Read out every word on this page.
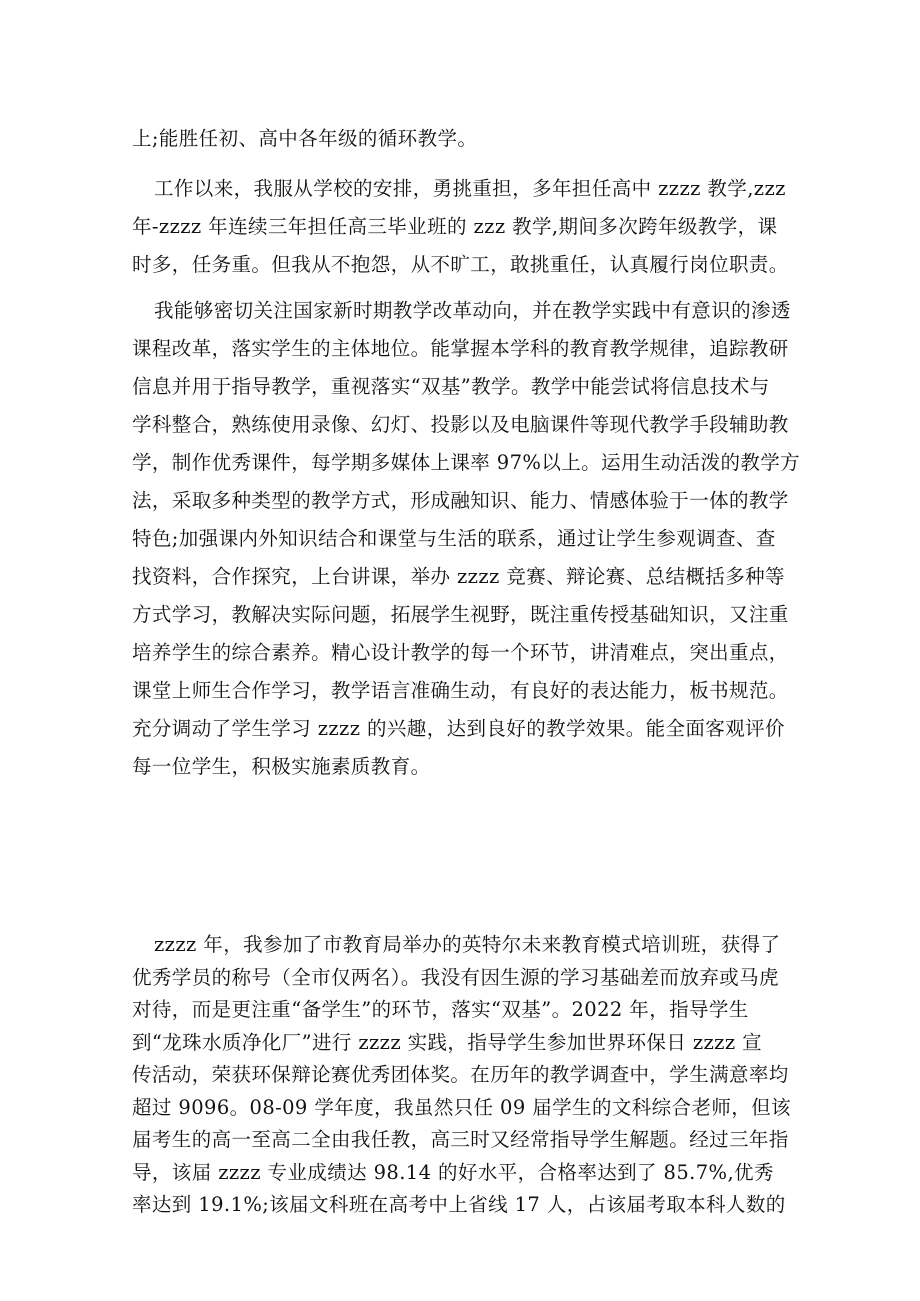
上;能胜任初、高中各年级的循环教学。
工作以来，我服从学校的安排，勇挑重担，多年担任高中 zzzz 教学,zzz
年-zzzz 年连续三年担任高三毕业班的 zzz 教学,期间多次跨年级教学，课
时多，任务重。但我从不抱怨，从不旷工，敢挑重任，认真履行岗位职责。
我能够密切关注国家新时期教学改革动向，并在教学实践中有意识的渗透
课程改革，落实学生的主体地位。能掌握本学科的教育教学规律，追踪教研
信息并用于指导教学，重视落实“双基”教学。教学中能尝试将信息技术与
学科整合，熟练使用录像、幻灯、投影以及电脑课件等现代教学手段辅助教
学，制作优秀课件，每学期多媒体上课率 97%以上。运用生动活泼的教学方
法，采取多种类型的教学方式，形成融知识、能力、情感体验于一体的教学
特色;加强课内外知识结合和课堂与生活的联系，通过让学生参观调查、查
找资料，合作探究，上台讲课，举办 zzzz 竞赛、辩论赛、总结概括多种等
方式学习，教解决实际问题，拓展学生视野，既注重传授基础知识，又注重
培养学生的综合素养。精心设计教学的每一个环节，讲清难点，突出重点，
课堂上师生合作学习，教学语言准确生动，有良好的表达能力，板书规范。
充分调动了学生学习 zzzz 的兴趣，达到良好的教学效果。能全面客观评价
每一位学生，积极实施素质教育。
zzzz 年，我参加了市教育局举办的英特尔未来教育模式培训班，获得了
优秀学员的称号（全市仅两名）。我没有因生源的学习基础差而放弃或马虎
对待，而是更注重“备学生”的环节，落实“双基”。2022 年，指导学生
到“龙珠水质净化厂”进行 zzzz 实践，指导学生参加世界环保日 zzzz 宣
传活动，荣获环保辩论赛优秀团体奖。在历年的教学调查中，学生满意率均
超过 9096。08-09 学年度，我虽然只任 09 届学生的文科综合老师，但该
届考生的高一至高二全由我任教，高三时又经常指导学生解题。经过三年指
导，该届 zzzz 专业成绩达 98.14 的好水平，合格率达到了 85.7%,优秀
率达到 19.1%;该届文科班在高考中上省线 17 人，占该届考取本科人数的
